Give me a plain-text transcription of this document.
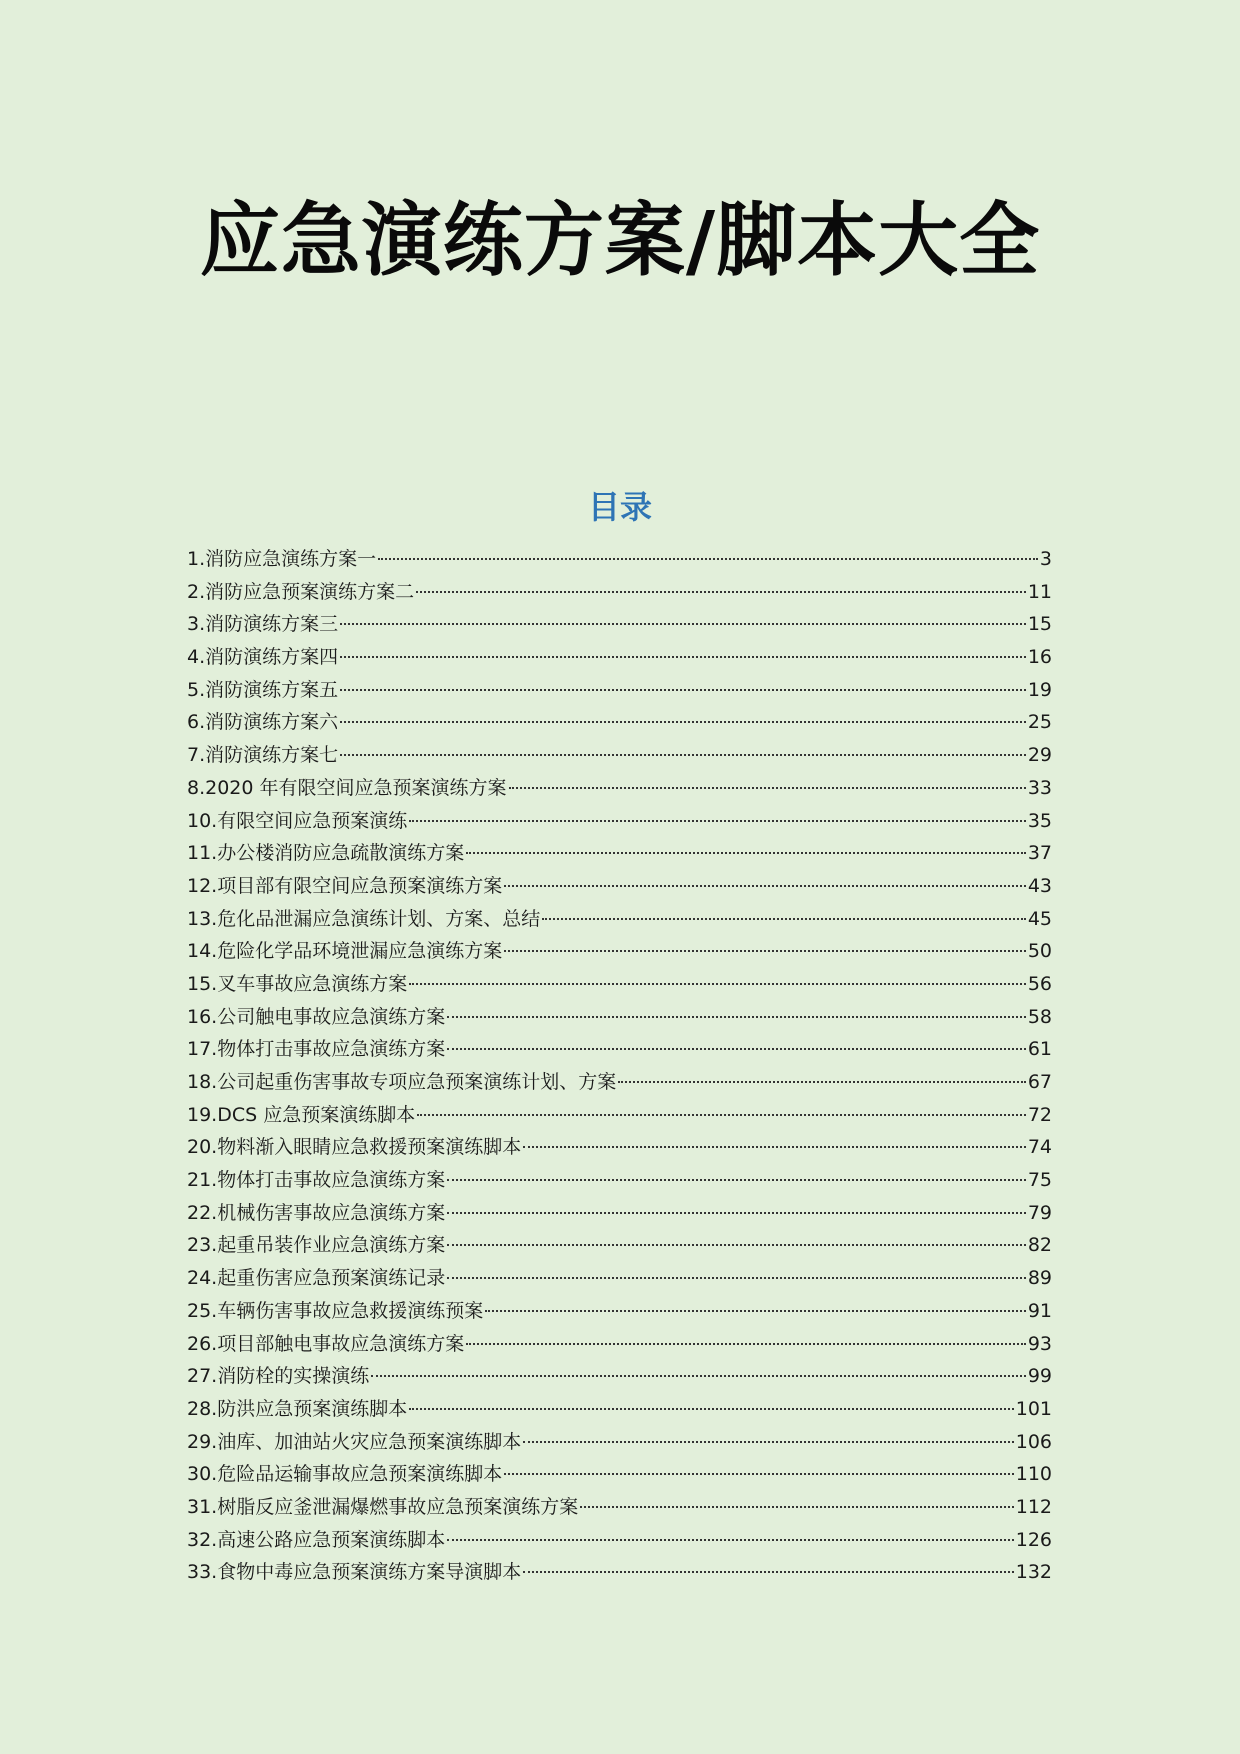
应急演练方案/脚本大全
目录
1.消防应急演练方案一	3
2.消防应急预案演练方案二	11
3.消防演练方案三	15
4.消防演练方案四	16
5.消防演练方案五	19
6.消防演练方案六	25
7.消防演练方案七	29
8.2020 年有限空间应急预案演练方案	33
10.有限空间应急预案演练	35
11.办公楼消防应急疏散演练方案	37
12.项目部有限空间应急预案演练方案	43
13.危化品泄漏应急演练计划、方案、总结	45
14.危险化学品环境泄漏应急演练方案	50
15.叉车事故应急演练方案	56
16.公司触电事故应急演练方案	58
17.物体打击事故应急演练方案	61
18.公司起重伤害事故专项应急预案演练计划、方案	67
19.DCS 应急预案演练脚本	72
20.物料渐入眼睛应急救援预案演练脚本	74
21.物体打击事故应急演练方案	75
22.机械伤害事故应急演练方案	79
23.起重吊装作业应急演练方案	82
24.起重伤害应急预案演练记录	89
25.车辆伤害事故应急救援演练预案	91
26.项目部触电事故应急演练方案	93
27.消防栓的实操演练	99
28.防洪应急预案演练脚本	101
29.油库、加油站火灾应急预案演练脚本	106
30.危险品运输事故应急预案演练脚本	110
31.树脂反应釜泄漏爆燃事故应急预案演练方案	112
32.高速公路应急预案演练脚本	126
33.食物中毒应急预案演练方案导演脚本	132
